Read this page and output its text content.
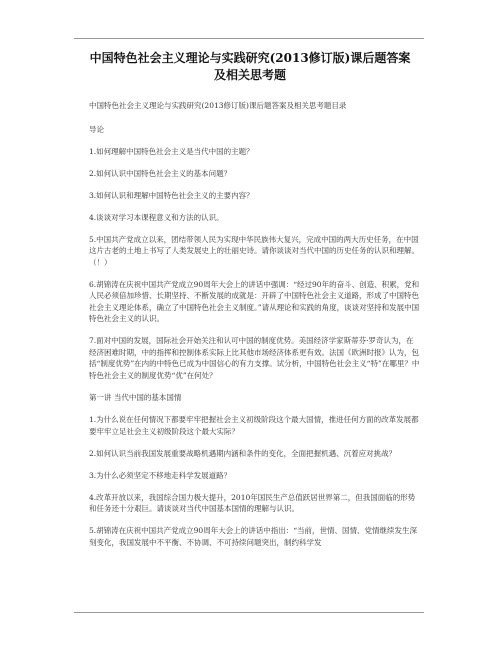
中国特色社会主义理论与实践研究(2013修订版)课后题答案
及相关思考题

中国特色社会主义理论与实践研究(2013修订版)课后题答案及相关思考题目录

导论

1.如何理解中国特色社会主义是当代中国的主题？

2.如何认识中国特色社会主义的基本问题？

3.如何认识和理解中国特色社会主义的主要内容？

4.谈谈对学习本课程意义和方法的认识。

5.中国共产党成立以来，团结带领人民为实现中华民族伟大复兴，完成中国的两大历史任务，在中国这片古老的土地上书写了人类发展史上的壮丽史诗。请你谈谈对当代中国的历史任务的认识和理解。（！）

6.胡锦涛在庆祝中国共产党成立90周年大会上的讲话中强调：“经过90年的奋斗、创造、积累，党和人民必须倍加珍惜、长期坚持、不断发展的成就是：开辟了中国特色社会主义道路，形成了中国特色社会主义理论体系，确立了中国特色社会主义制度。”请从理论和实践的角度，谈谈对坚持和发展中国特色社会主义的认识。

7.面对中国的发展，国际社会开始关注和认可中国的制度优势。美国经济学家斯蒂芬·罗奇认为，在经济困难时期，中的指挥和控制体系实际上比其他市场经济体系更有效。法国《欧洲时报》认为，包括“制度优势”在内的中特色已成为中国信心的有力支撑。试分析，中国特色社会主义“特”在哪里？中特色社会主义的制度优势“优”在何处？

第一讲 当代中国的基本国情

1.为什么说在任何情况下都要牢牢把握社会主义初级阶段这个最大国情，推进任何方面的改革发展都要牢牢立足社会主义初级阶段这个最大实际？

2.如何认识当前我国发展重要战略机遇期内涵和条件的变化，全面把握机遇、沉着应对挑战？

3.为什么必须坚定不移地走科学发展道路？

4.改革开放以来，我国综合国力极大提升，2010年国民生产总值跃居世界第二，但我国面临的形势和任务还十分艰巨。请谈谈对当代中国基本国情的理解与认识。

5.胡锦涛在庆祝中国共产党成立90周年大会上的讲话中指出：“当前，世情、国情、党情继续发生深刻变化，我国发展中不平衡、不协调、不可持续问题突出，制约科学发
